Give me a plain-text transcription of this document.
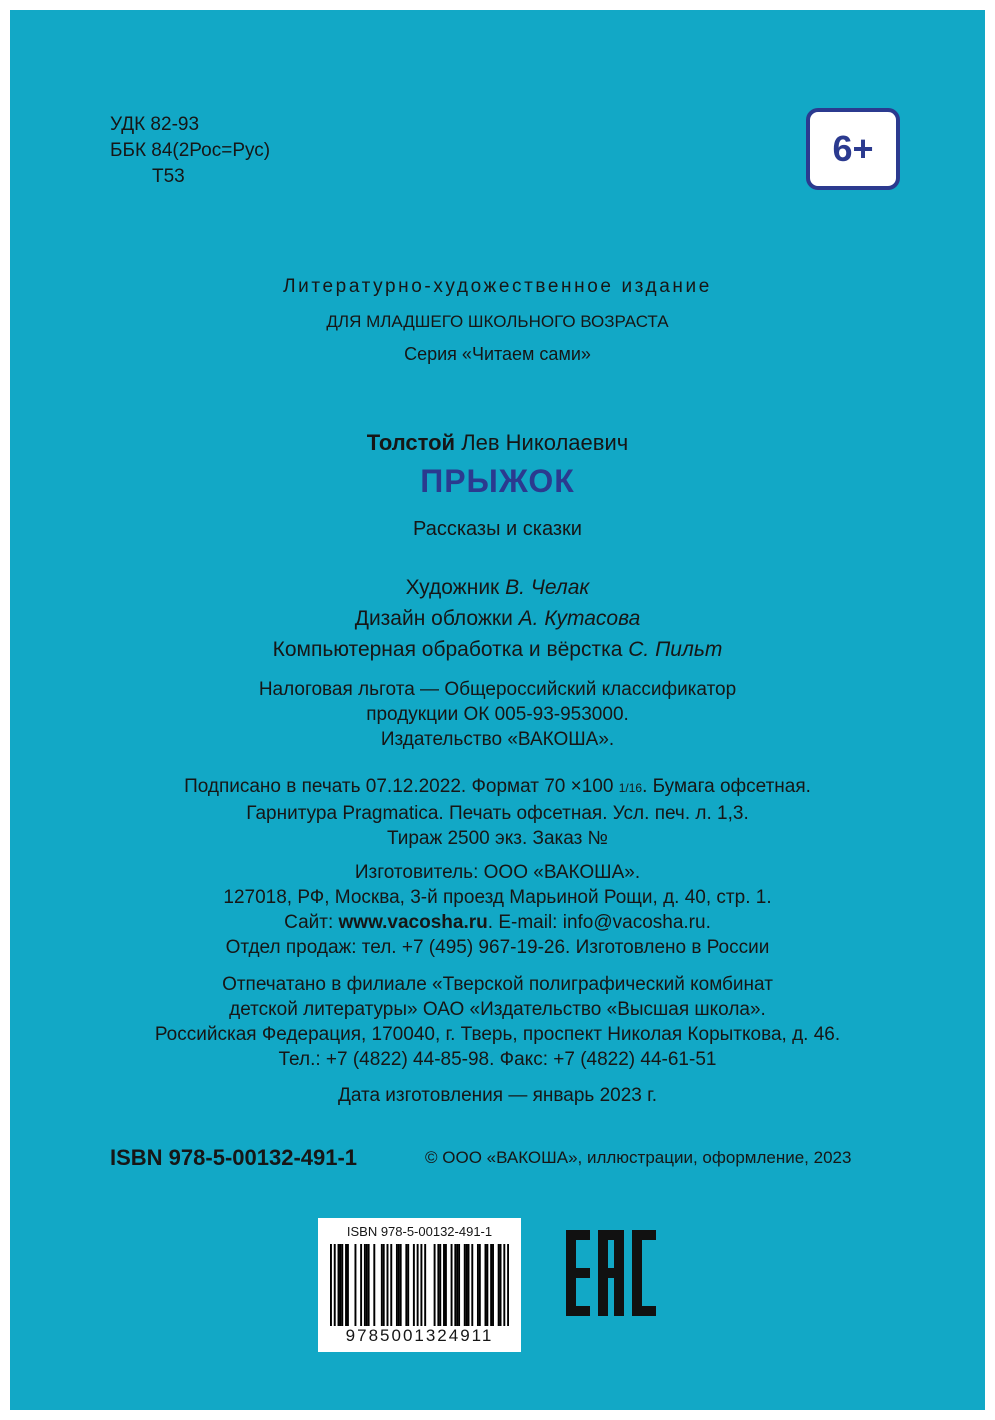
УДК 82-93
ББК 84(2Рос=Рус)
Т53
6+
Литературно-художественное издание
ДЛЯ МЛАДШЕГО ШКОЛЬНОГО ВОЗРАСТА
Серия «Читаем сами»
Толстой Лев Николаевич
ПРЫЖОК
Рассказы и сказки
Художник В. Челак
Дизайн обложки А. Кутасова
Компьютерная обработка и вёрстка С. Пильт
Налоговая льгота — Общероссийский классификатор
продукции ОК 005-93-953000.
Издательство «ВАКОША».
Подписано в печать 07.12.2022. Формат 70 ×100 1/16. Бумага офсетная.
Гарнитура Pragmatica. Печать офсетная. Усл. печ. л. 1,3.
Тираж 2500 экз. Заказ №
Изготовитель: ООО «ВАКОША».
127018, РФ, Москва, 3-й проезд Марьиной Рощи, д. 40, стр. 1.
Сайт: www.vacosha.ru. E-mail: info@vacosha.ru.
Отдел продаж: тел. +7 (495) 967-19-26. Изготовлено в России
Отпечатано в филиале «Тверской полиграфический комбинат
детской литературы» ОАО «Издательство «Высшая школа».
Российская Федерация, 170040, г. Тверь, проспект Николая Корыткова, д. 46.
Тел.: +7 (4822) 44-85-98. Факс: +7 (4822) 44-61-51
Дата изготовления — январь 2023 г.
ISBN 978-5-00132-491-1	© ООО «ВАКОША», иллюстрации, оформление, 2023
ISBN 978-5-00132-491-1
9785001324911
